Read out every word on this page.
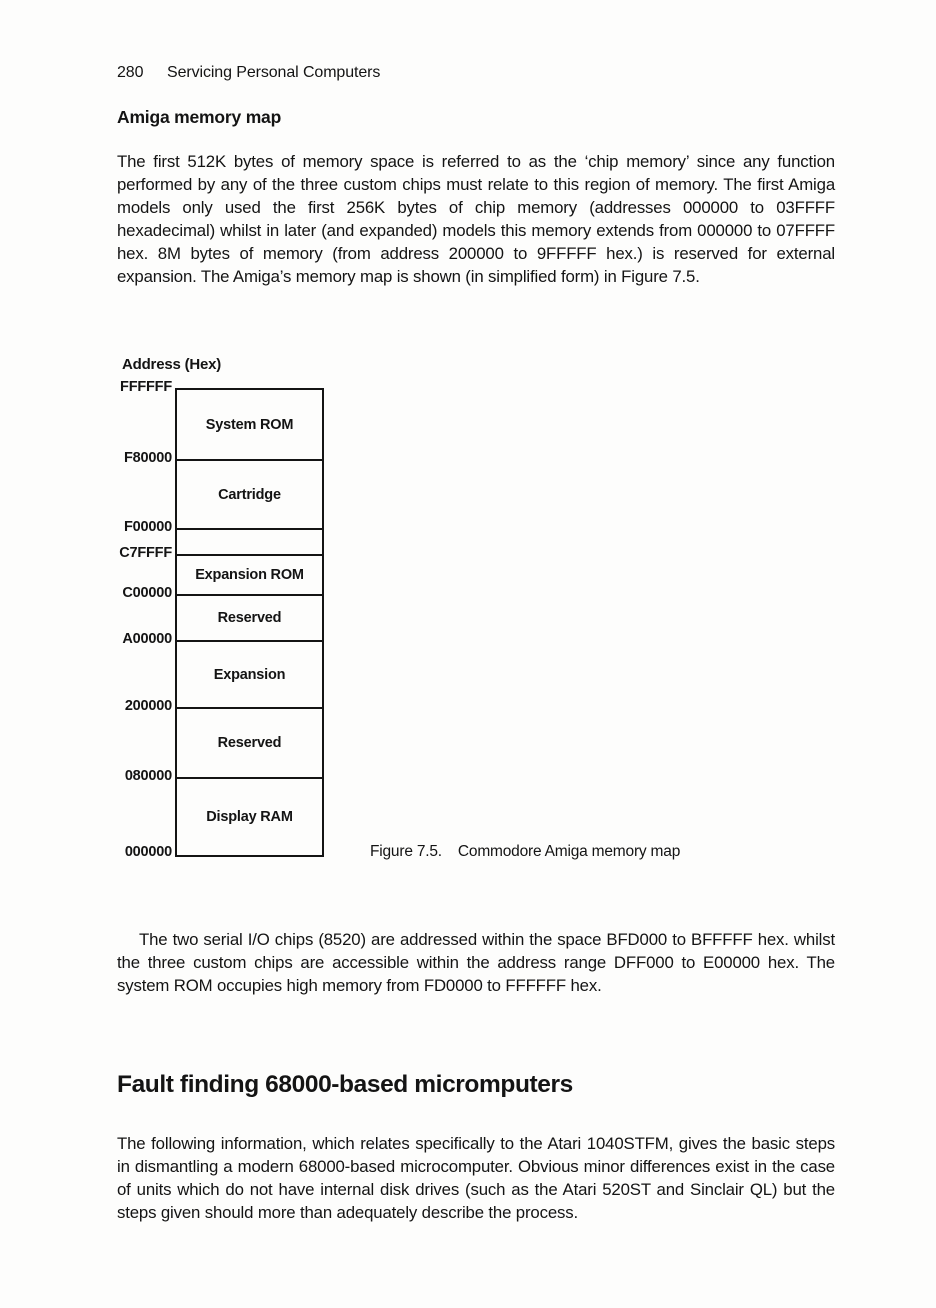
280 Servicing Personal Computers
Amiga memory map
The first 512K bytes of memory space is referred to as the ‘chip memory’ since any function performed by any of the three custom chips must relate to this region of memory. The first Amiga models only used the first 256K bytes of chip memory (addresses 000000 to 03FFFF hexadecimal) whilst in later (and expanded) models this memory extends from 000000 to 07FFFF hex. 8M bytes of memory (from address 200000 to 9FFFFF hex.) is reserved for external expansion. The Amiga’s memory map is shown (in simplified form) in Figure 7.5.
Address (Hex)
FFFFFF
F80000
F00000
C7FFFF
C00000
A00000
200000
080000
000000
System ROM
Cartridge
Expansion ROM
Reserved
Expansion
Reserved
Display RAM
Figure 7.5. Commodore Amiga memory map
The two serial I/O chips (8520) are addressed within the space BFD000 to BFFFFF hex. whilst the three custom chips are accessible within the address range DFF000 to E00000 hex. The system ROM occupies high memory from FD0000 to FFFFFF hex.
Fault finding 68000-based micromputers
The following information, which relates specifically to the Atari 1040STFM, gives the basic steps in dismantling a modern 68000-based microcomputer. Obvious minor differences exist in the case of units which do not have internal disk drives (such as the Atari 520ST and Sinclair QL) but the steps given should more than adequately describe the process.
